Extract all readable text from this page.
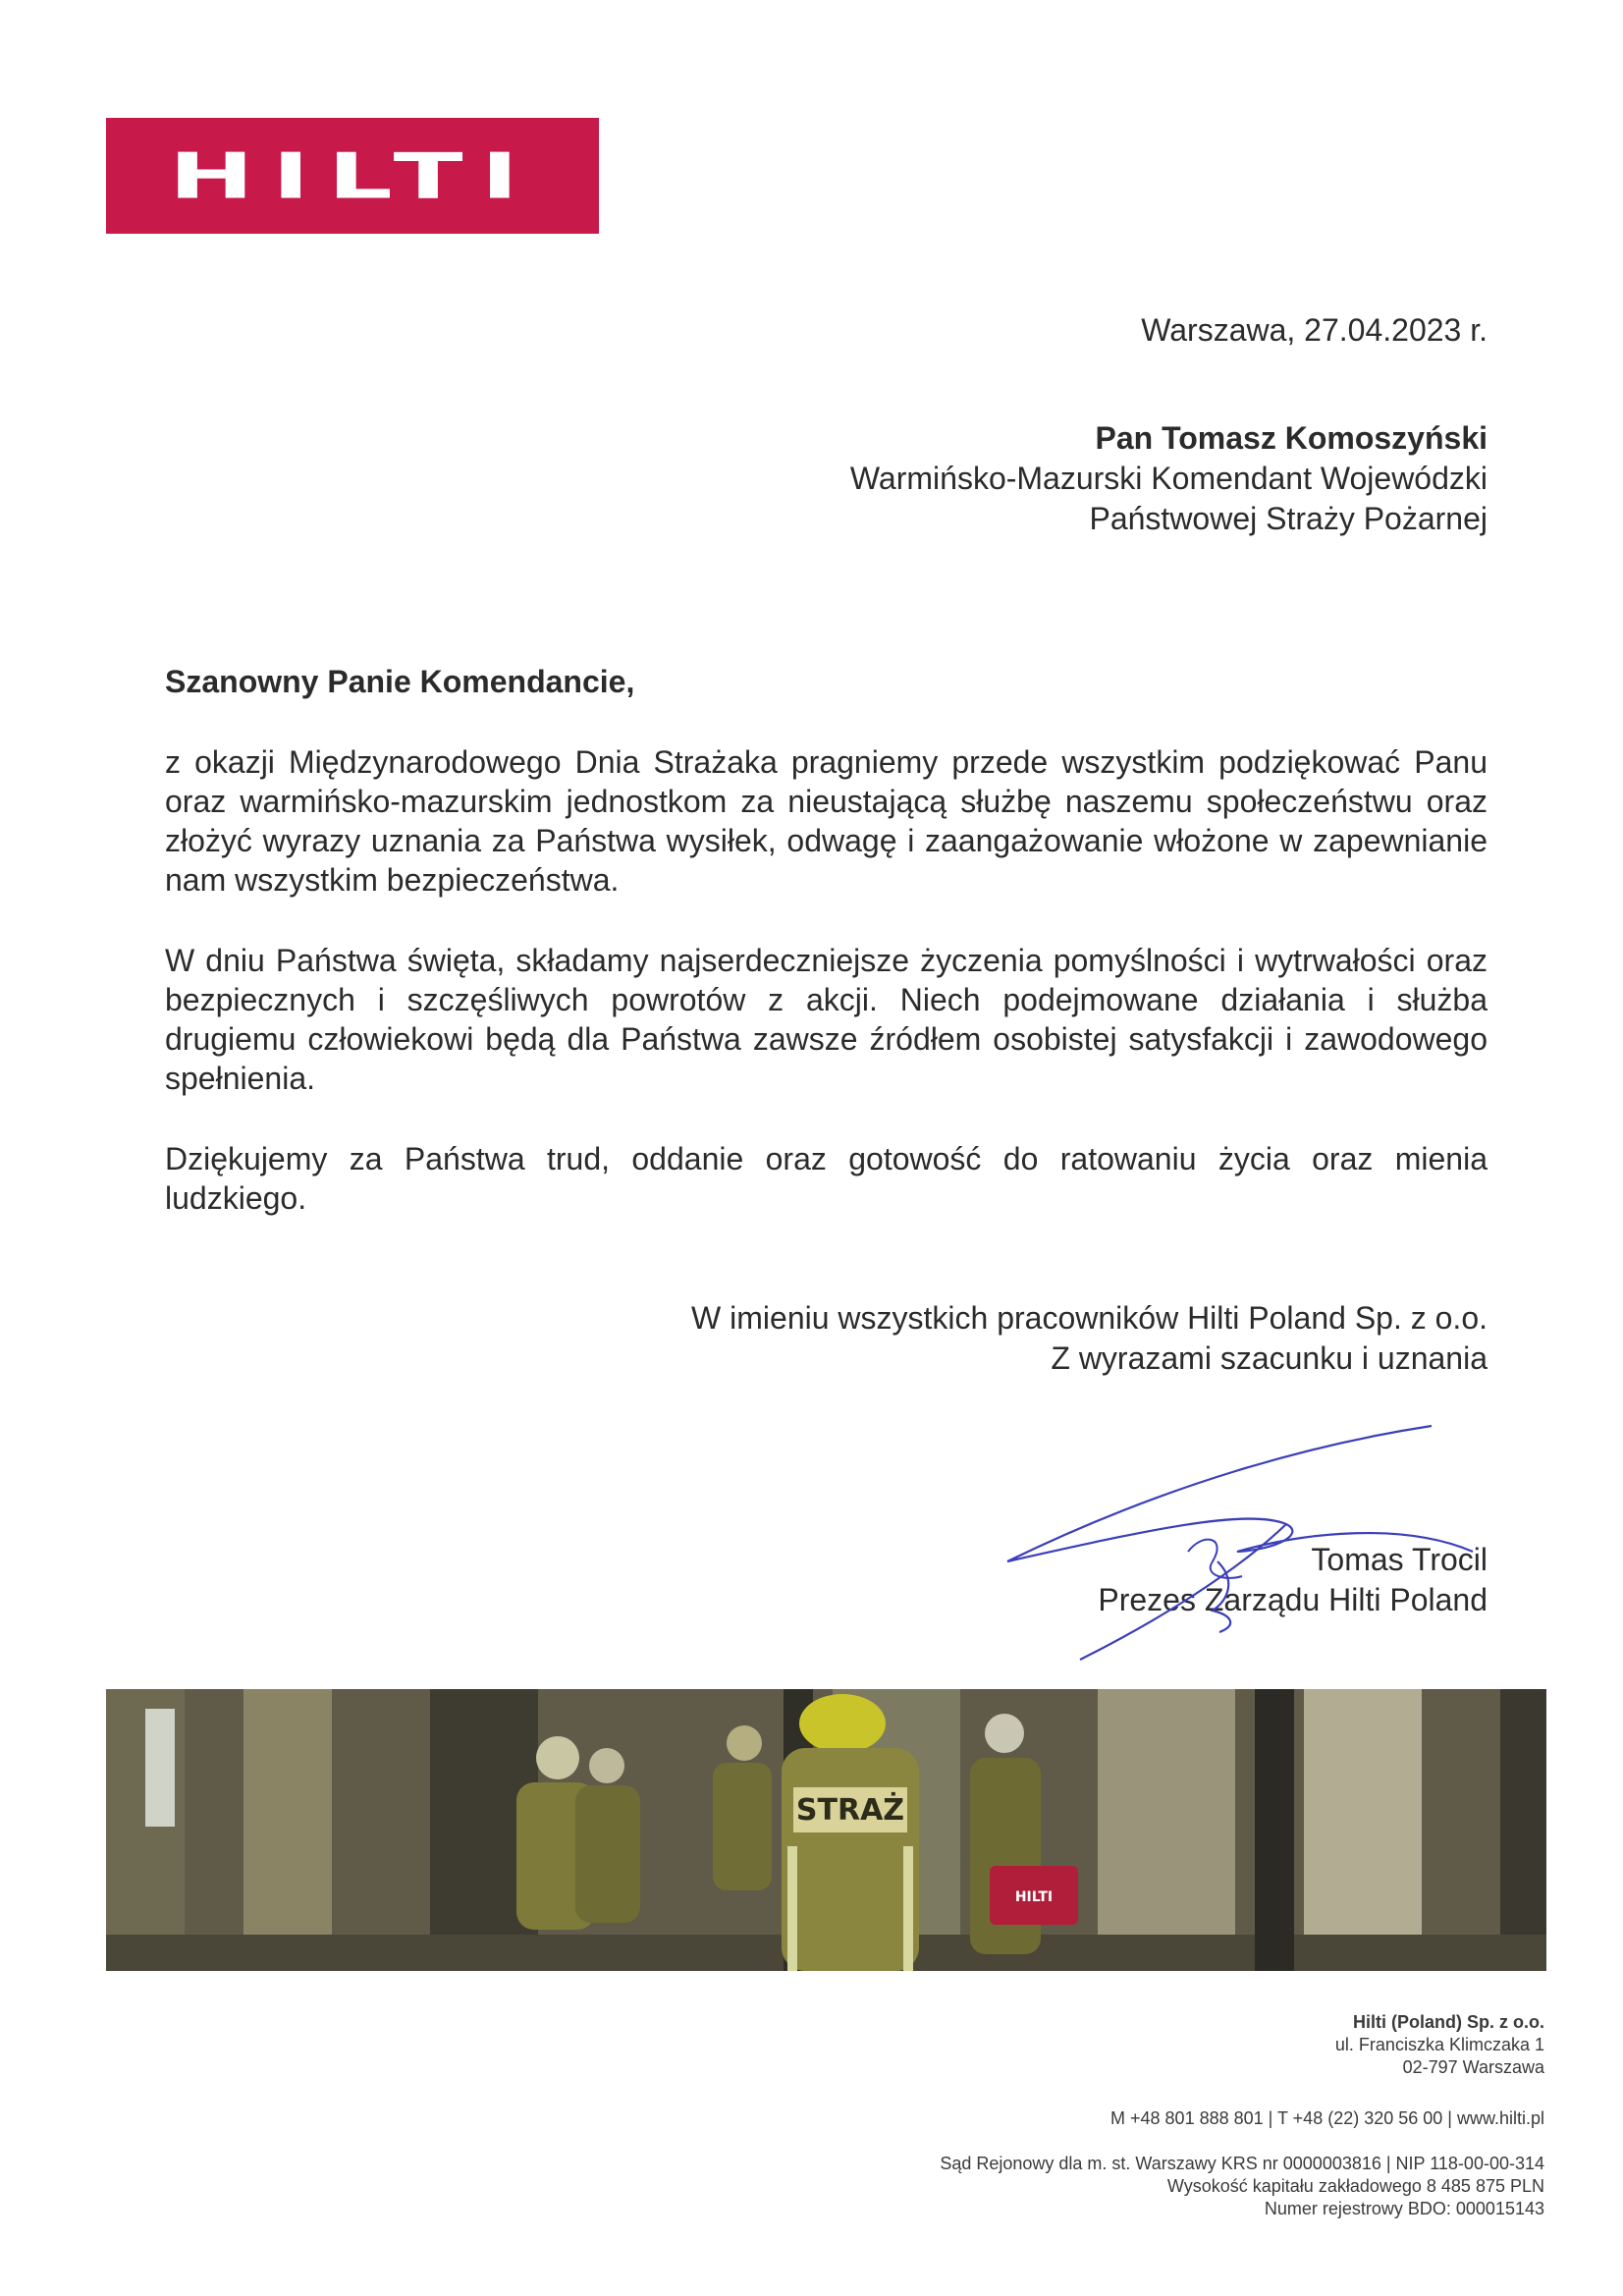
HILTI
Warszawa, 27.04.2023 r.
Pan Tomasz Komoszyński
Warmińsko-Mazurski Komendant Wojewódzki
Państwowej Straży Pożarnej
Szanowny Panie Komendancie,
z okazji Międzynarodowego Dnia Strażaka pragniemy przede wszystkim podziękować Panu oraz warmińsko-mazurskim jednostkom za nieustającą służbę naszemu społeczeństwu oraz złożyć wyrazy uznania za Państwa wysiłek, odwagę i zaangażowanie włożone w zapewnianie nam wszystkim bezpieczeństwa.
W dniu Państwa święta, składamy najserdeczniejsze życzenia pomyślności i wytrwałości oraz bezpiecznych i szczęśliwych powrotów z akcji. Niech podejmowane działania i służba drugiemu człowiekowi będą dla Państwa zawsze źródłem osobistej satysfakcji i zawodowego spełnienia.
Dziękujemy za Państwa trud, oddanie oraz gotowość do ratowaniu życia oraz mienia ludzkiego.
W imieniu wszystkich pracowników Hilti Poland Sp. z o.o.
Z wyrazami szacunku i uznania
Tomas Trocil
Prezes Zarządu Hilti Poland
STRAŻ
HILTI
Hilti (Poland) Sp. z o.o.
ul. Franciszka Klimczaka 1
02-797 Warszawa
M +48 801 888 801 | T +48 (22) 320 56 00 | www.hilti.pl
Sąd Rejonowy dla m. st. Warszawy KRS nr 0000003816 | NIP 118-00-00-314
Wysokość kapitału zakładowego 8 485 875 PLN
Numer rejestrowy BDO: 000015143
